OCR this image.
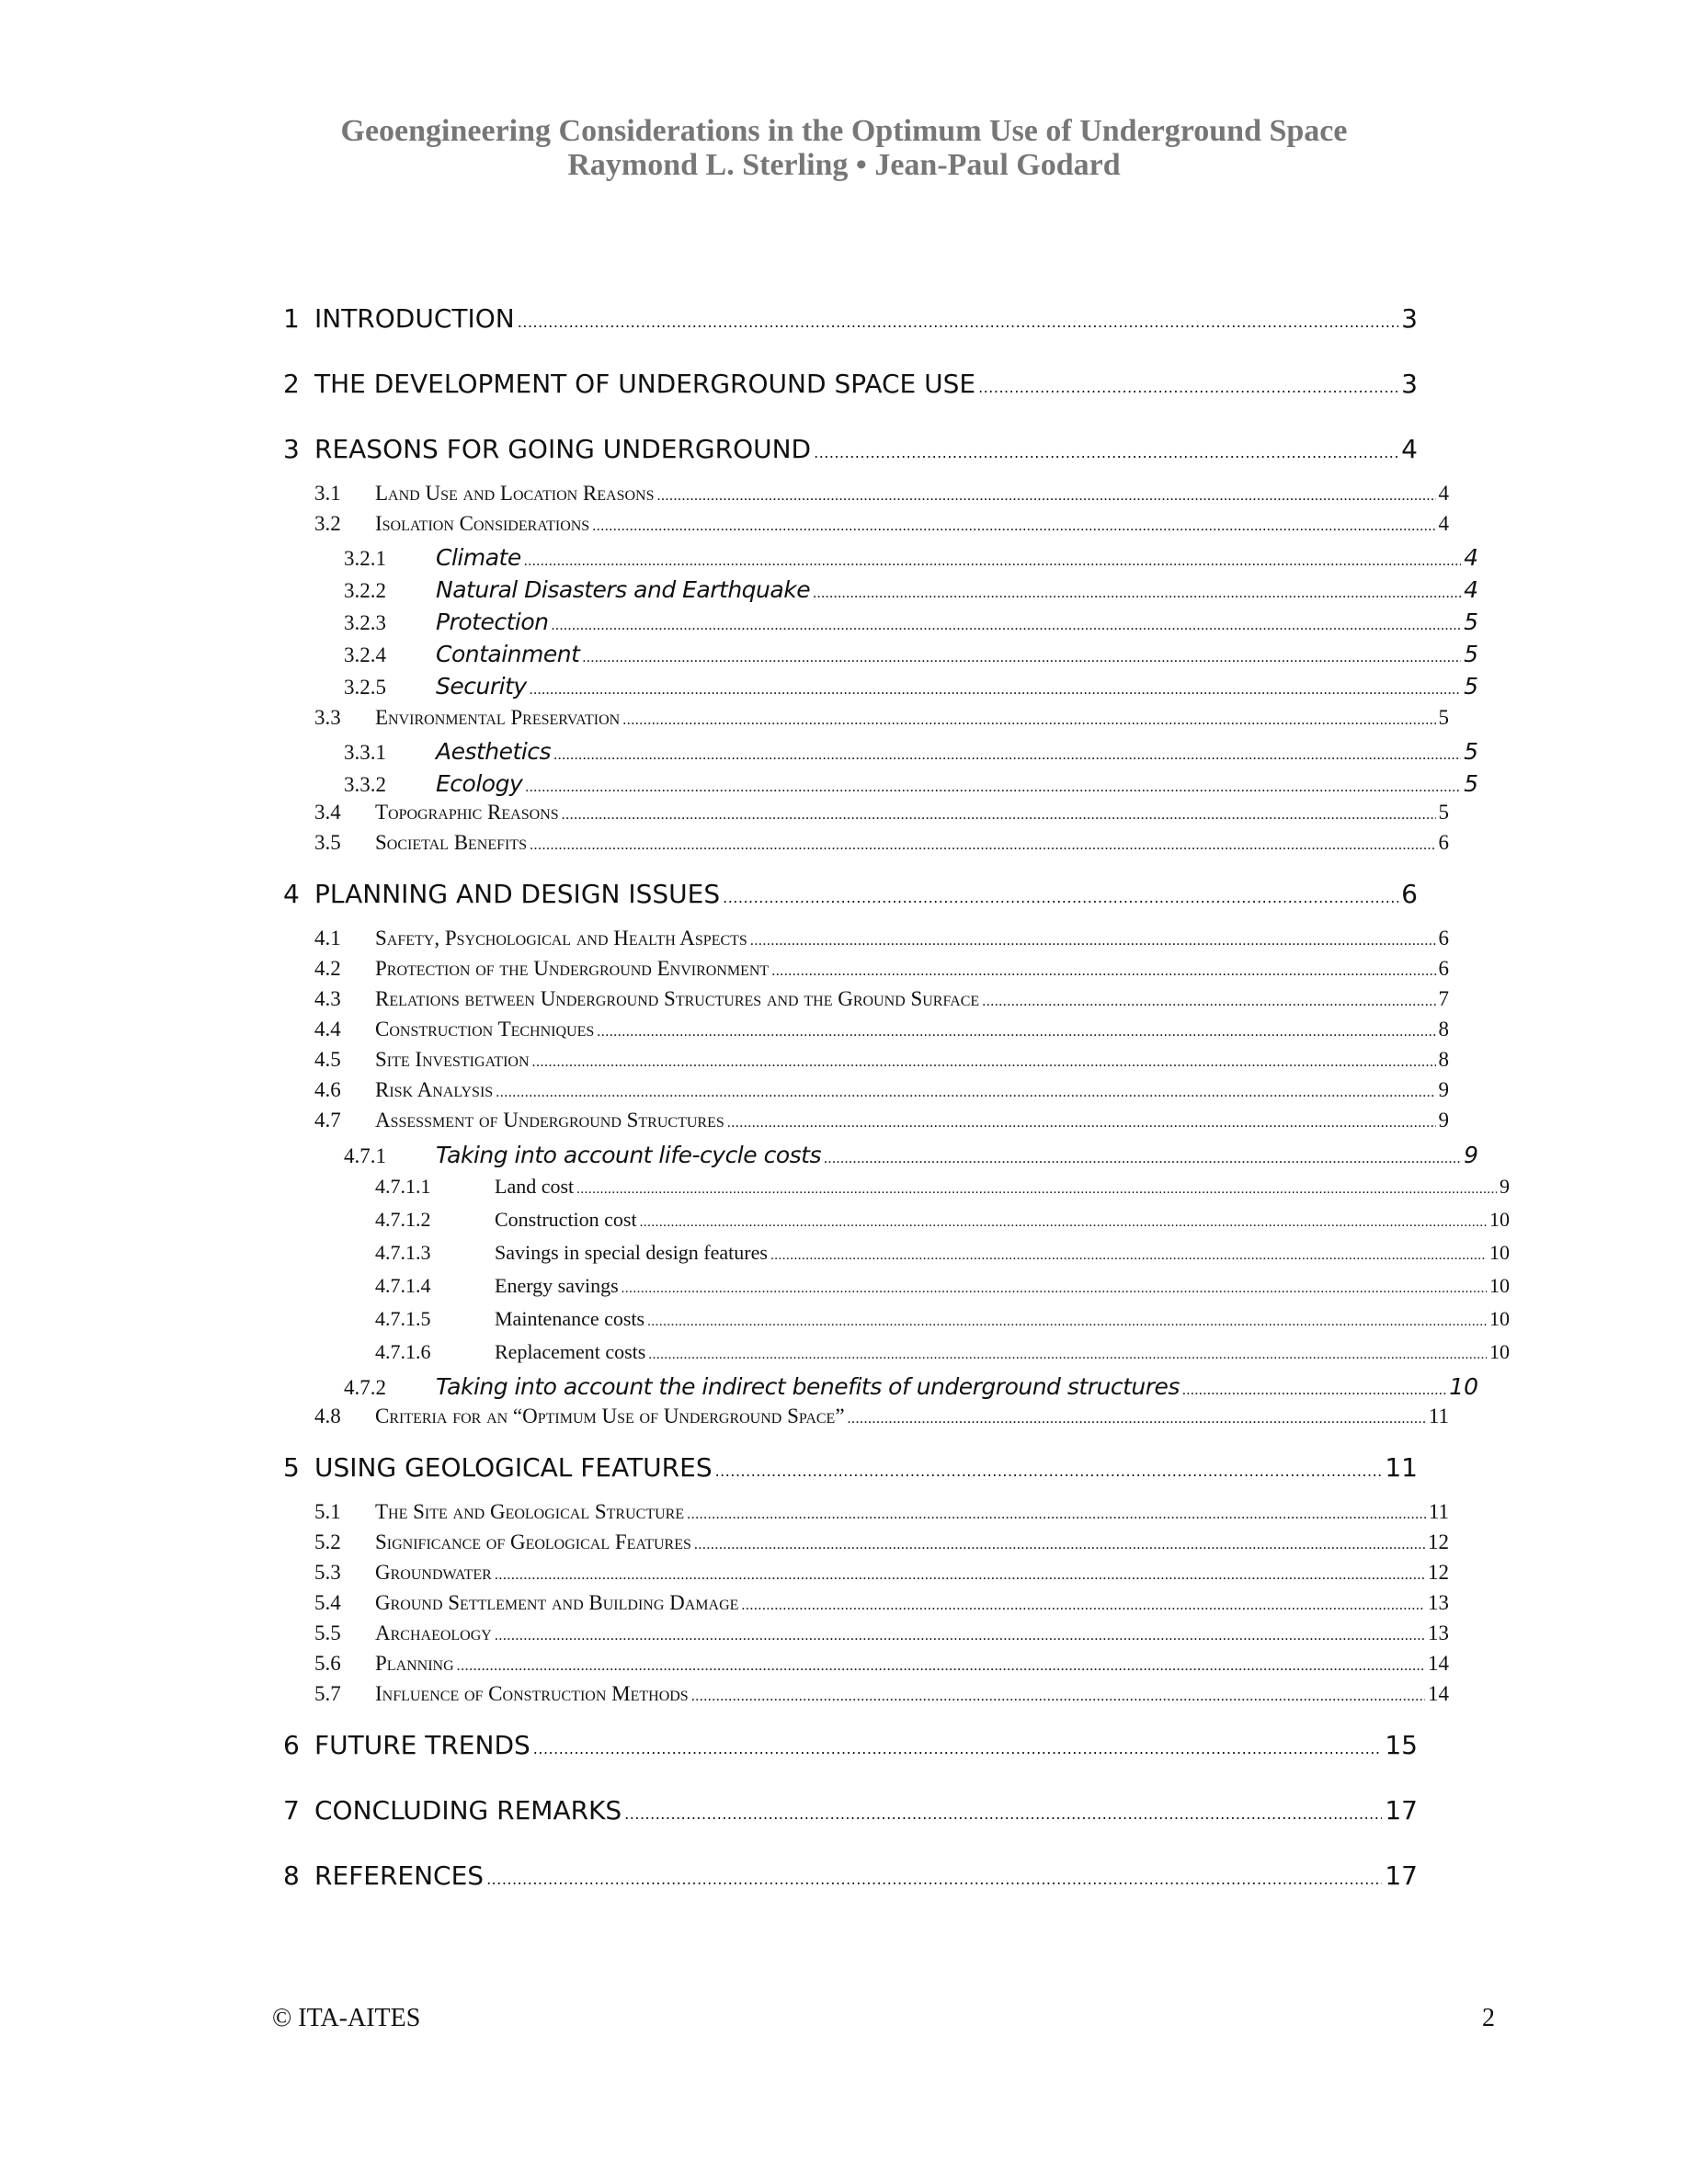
Geoengineering Considerations in the Optimum Use of Underground Space
Raymond L. Sterling • Jean-Paul Godard
1 INTRODUCTION .....	3
2 THE DEVELOPMENT OF UNDERGROUND SPACE USE .....	3
3 REASONS FOR GOING UNDERGROUND .....	4
3.1	Land Use and Location Reasons .....	4
3.2	Isolation Considerations .....	4
3.2.1	Climate .....	4
3.2.2	Natural Disasters and Earthquake .....	4
3.2.3	Protection .....	5
3.2.4	Containment .....	5
3.2.5	Security .....	5
3.3	Environmental Preservation .....	5
3.3.1	Aesthetics .....	5
3.3.2	Ecology .....	5
3.4	Topographic Reasons .....	5
3.5	Societal Benefits .....	6
4 PLANNING AND DESIGN ISSUES .....	6
4.1	Safety, Psychological and Health Aspects .....	6
4.2	Protection of the Underground Environment .....	6
4.3	Relations between Underground Structures and the Ground Surface .....	7
4.4	Construction Techniques .....	8
4.5	Site Investigation .....	8
4.6	Risk Analysis .....	9
4.7	Assessment of Underground Structures .....	9
4.7.1	Taking into account life-cycle costs .....	9
4.7.1.1	Land cost .....	9
4.7.1.2	Construction cost .....	10
4.7.1.3	Savings in special design features .....	10
4.7.1.4	Energy savings .....	10
4.7.1.5	Maintenance costs .....	10
4.7.1.6	Replacement costs .....	10
4.7.2	Taking into account the indirect benefits of underground structures .....	10
4.8	Criteria for an “Optimum Use of Underground Space” .....	11
5 USING GEOLOGICAL FEATURES .....	11
5.1	The Site and Geological Structure .....	11
5.2	Significance of Geological Features .....	12
5.3	Groundwater .....	12
5.4	Ground Settlement and Building Damage .....	13
5.5	Archaeology .....	13
5.6	Planning .....	14
5.7	Influence of Construction Methods .....	14
6 FUTURE TRENDS .....	15
7 CONCLUDING REMARKS .....	17
8 REFERENCES .....	17
© ITA-AITES	2
